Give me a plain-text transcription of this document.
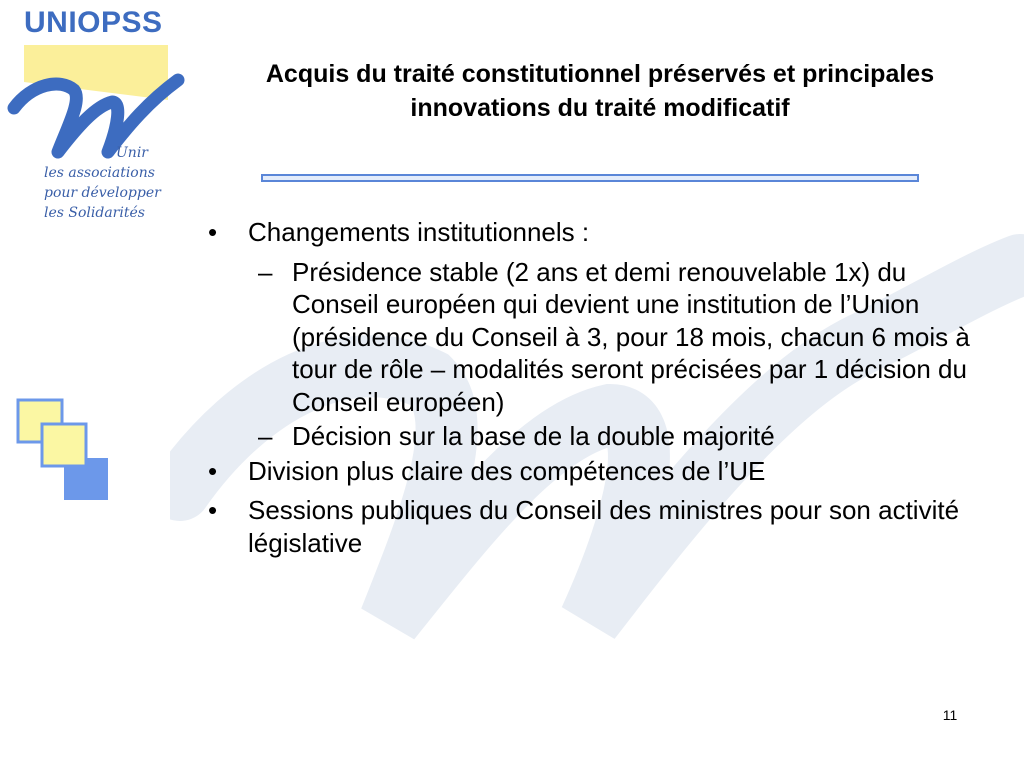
UNIOPSS
Unir
les associations
pour développer
les Solidarités
Acquis du traité constitutionnel préservés et principales innovations du traité modificatif
•	Changements institutionnels :
– Présidence stable (2 ans et demi renouvelable 1x) du Conseil européen qui devient une institution de l’Union (présidence du Conseil à 3, pour 18 mois, chacun 6 mois à tour de rôle – modalités seront précisées par 1 décision du Conseil européen)
– Décision sur la base de la double majorité
•	Division plus claire des compétences de l’UE
•	Sessions publiques du Conseil des ministres pour son activité législative
11
